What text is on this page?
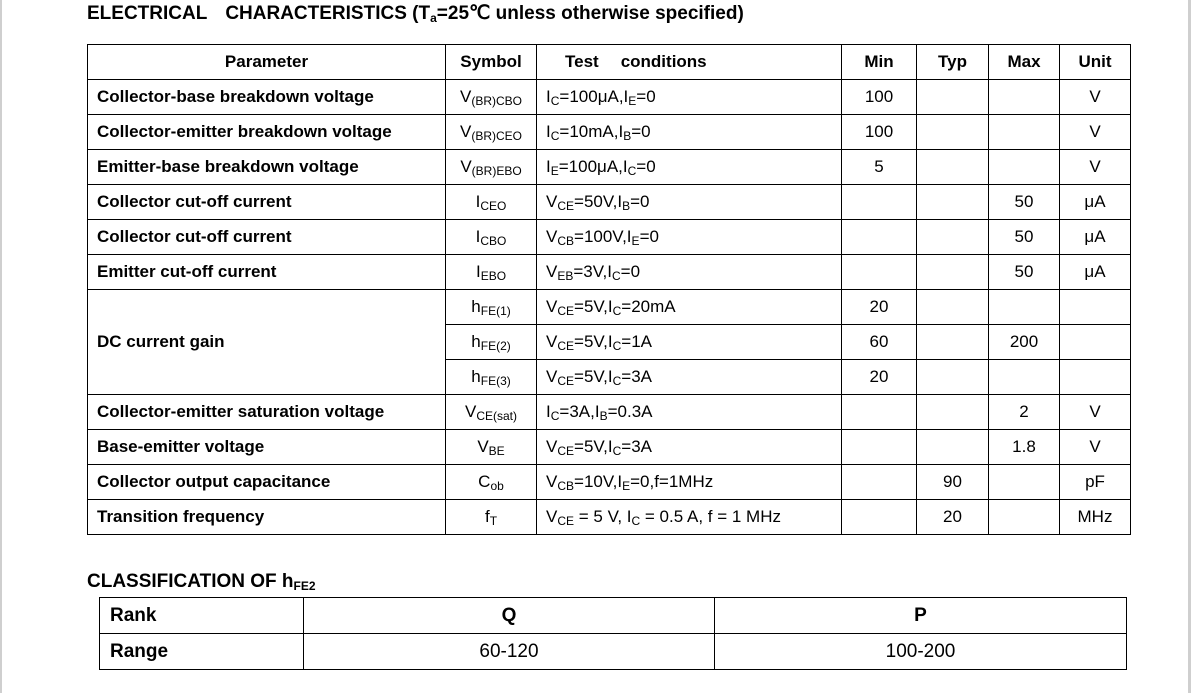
ELECTRICAL CHARACTERISTICS ($T_a=25℃$ unless otherwise specified)
Parameter	Symbol	Test conditions	Min	Typ	Max	Unit
Collector-base breakdown voltage	$V_{(BR)CBO}$	$I_C=100\mu A,I_E=0$	100			V
Collector-emitter breakdown voltage	$V_{(BR)CEO}$	$I_C=10mA,I_B=0$	100			V
Emitter-base breakdown voltage	$V_{(BR)EBO}$	$I_E=100\mu A,I_C=0$	5			V
Collector cut-off current	$I_{CEO}$	$V_{CE}=50V,I_B=0$			50	μA
Collector cut-off current	$I_{CBO}$	$V_{CB}=100V,I_E=0$			50	μA
Emitter cut-off current	$I_{EBO}$	$V_{EB}=3V,I_C=0$			50	μA
DC current gain	$h_{FE(1)}$	$V_{CE}=5V,I_C=20mA$	20			
	$h_{FE(2)}$	$V_{CE}=5V,I_C=1A$	60		200	
	$h_{FE(3)}$	$V_{CE}=5V,I_C=3A$	20			
Collector-emitter saturation voltage	$V_{CE(sat)}$	$I_C=3A,I_B=0.3A$			2	V
Base-emitter voltage	$V_{BE}$	$V_{CE}=5V,I_C=3A$			1.8	V
Collector output capacitance	$C_{ob}$	$V_{CB}=10V,I_E=0,f=1MHz$		90		pF
Transition frequency	$f_T$	$V_{CE} = 5$ V, $I_C = 0.5$ A, f = 1 MHz		20		MHz
CLASSIFICATION OF hFE2
Rank	Q	P
Range	60-120	100-200
